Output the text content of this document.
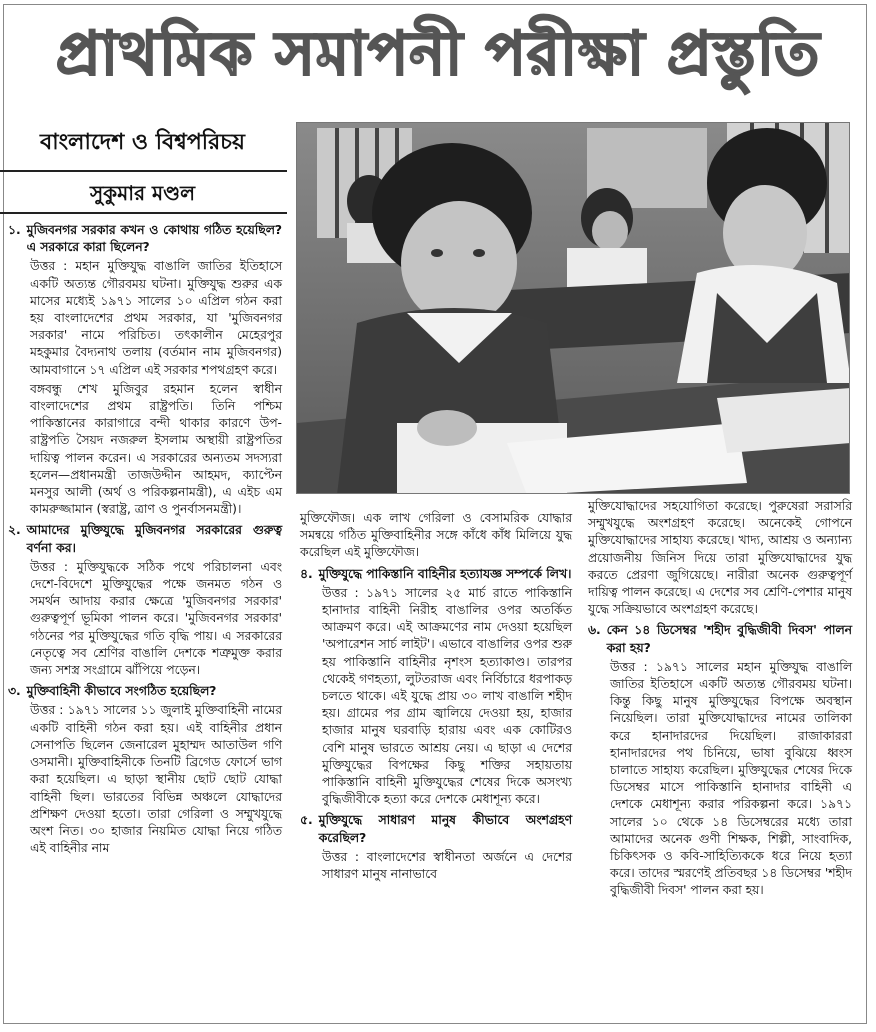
প্রাথমিক সমাপনী পরীক্ষা প্রস্তুতি
বাংলাদেশ ও বিশ্বপরিচয়
সুকুমার মণ্ডল
১. মুজিবনগর সরকার কখন ও কোথায় গঠিত হয়েছিল? এ সরকারে কারা ছিলেন?
উত্তর : মহান মুক্তিযুদ্ধ বাঙালি জাতির ইতিহাসে একটি অত্যন্ত গৌরবময় ঘটনা। মুক্তিযুদ্ধ শুরুর এক মাসের মধ্যেই ১৯৭১ সালের ১০ এপ্রিল গঠন করা হয় বাংলাদেশের প্রথম সরকার, যা 'মুজিবনগর সরকার' নামে পরিচিত। তৎকালীন মেহেরপুর মহকুমার বৈদ্যনাথ তলায় (বর্তমান নাম মুজিবনগর) আমবাগানে ১৭ এপ্রিল এই সরকার শপথগ্রহণ করে।
বঙ্গবন্ধু শেখ মুজিবুর রহমান হলেন স্বাধীন বাংলাদেশের প্রথম রাষ্ট্রপতি। তিনি পশ্চিম পাকিস্তানের কারাগারে বন্দী থাকার কারণে উপ-রাষ্ট্রপতি সৈয়দ নজরুল ইসলাম অস্থায়ী রাষ্ট্রপতির দায়িত্ব পালন করেন। এ সরকারের অন্যতম সদস্যরা হলেন—প্রধানমন্ত্রী তাজউদ্দীন আহমদ, ক্যাপ্টেন মনসুর আলী (অর্থ ও পরিকল্পনামন্ত্রী), এ এইচ এম কামরুজ্জামান (স্বরাষ্ট্র, ত্রাণ ও পুনর্বাসনমন্ত্রী)।
২. আমাদের মুক্তিযুদ্ধে মুজিবনগর সরকারের গুরুত্ব বর্ণনা কর।
উত্তর : মুক্তিযুদ্ধকে সঠিক পথে পরিচালনা এবং দেশে-বিদেশে মুক্তিযুদ্ধের পক্ষে জনমত গঠন ও সমর্থন আদায় করার ক্ষেত্রে 'মুজিবনগর সরকার' গুরুত্বপূর্ণ ভূমিকা পালন করে। 'মুজিবনগর সরকার' গঠনের পর মুক্তিযুদ্ধের গতি বৃদ্ধি পায়। এ সরকারের নেতৃত্বে সব শ্রেণির বাঙালি দেশকে শত্রুমুক্ত করার জন্য সশস্ত্র সংগ্রামে ঝাঁপিয়ে পড়েন।
৩. মুক্তিবাহিনী কীভাবে সংগঠিত হয়েছিল?
উত্তর : ১৯৭১ সালের ১১ জুলাই মুক্তিবাহিনী নামের একটি বাহিনী গঠন করা হয়। এই বাহিনীর প্রধান সেনাপতি ছিলেন জেনারেল মুহাম্মদ আতাউল গণি ওসমানী। মুক্তিবাহিনীকে তিনটি ব্রিগেড ফোর্সে ভাগ করা হয়েছিল। এ ছাড়া স্থানীয় ছোট ছোট যোদ্ধা বাহিনী ছিল। ভারতের বিভিন্ন অঞ্চলে যোদ্ধাদের প্রশিক্ষণ দেওয়া হতো। তারা গেরিলা ও সম্মুখযুদ্ধে অংশ নিত। ৩০ হাজার নিয়মিত যোদ্ধা নিয়ে গঠিত এই বাহিনীর নাম
মুক্তিফৌজ। এক লাখ গেরিলা ও বেসামরিক যোদ্ধার সমন্বয়ে গঠিত মুক্তিবাহিনীর সঙ্গে কাঁধে কাঁধ মিলিয়ে যুদ্ধ করেছিল এই মুক্তিফৌজ।
৪. মুক্তিযুদ্ধে পাকিস্তানি বাহিনীর হত্যাযজ্ঞ সম্পর্কে লিখ।
উত্তর : ১৯৭১ সালের ২৫ মার্চ রাতে পাকিস্তানি হানাদার বাহিনী নিরীহ বাঙালির ওপর অতর্কিত আক্রমণ করে। এই আক্রমণের নাম দেওয়া হয়েছিল 'অপারেশন সার্চ লাইট'। এভাবে বাঙালির ওপর শুরু হয় পাকিস্তানি বাহিনীর নৃশংস হত্যাকাণ্ড। তারপর থেকেই গণহত্যা, লুটতরাজ এবং নির্বিচারে ধরপাকড় চলতে থাকে। এই যুদ্ধে প্রায় ৩০ লাখ বাঙালি শহীদ হয়। গ্রামের পর গ্রাম জ্বালিয়ে দেওয়া হয়, হাজার হাজার মানুষ ঘরবাড়ি হারায় এবং এক কোটিরও বেশি মানুষ ভারতে আশ্রয় নেয়। এ ছাড়া এ দেশের মুক্তিযুদ্ধের বিপক্ষের কিছু শক্তির সহায়তায় পাকিস্তানি বাহিনী মুক্তিযুদ্ধের শেষের দিকে অসংখ্য বুদ্ধিজীবীকে হত্যা করে দেশকে মেধাশূন্য করে।
৫. মুক্তিযুদ্ধে সাধারণ মানুষ কীভাবে অংশগ্রহণ করেছিল?
উত্তর : বাংলাদেশের স্বাধীনতা অর্জনে এ দেশের সাধারণ মানুষ নানাভাবে
মুক্তিযোদ্ধাদের সহযোগিতা করেছে। পুরুষেরা সরাসরি সম্মুখযুদ্ধে অংশগ্রহণ করেছে। অনেকেই গোপনে মুক্তিযোদ্ধাদের সাহায্য করেছে। খাদ্য, আশ্রয় ও অন্যান্য প্রয়োজনীয় জিনিস দিয়ে তারা মুক্তিযোদ্ধাদের যুদ্ধ করতে প্রেরণা জুগিয়েছে। নারীরা অনেক গুরুত্বপূর্ণ দায়িত্ব পালন করেছে। এ দেশের সব শ্রেণি-পেশার মানুষ যুদ্ধে সক্রিয়ভাবে অংশগ্রহণ করেছে।
৬. কেন ১৪ ডিসেম্বর 'শহীদ বুদ্ধিজীবী দিবস' পালন করা হয়?
উত্তর : ১৯৭১ সালের মহান মুক্তিযুদ্ধ বাঙালি জাতির ইতিহাসে একটি অত্যন্ত গৌরবময় ঘটনা। কিন্তু কিছু মানুষ মুক্তিযুদ্ধের বিপক্ষে অবস্থান নিয়েছিল। তারা মুক্তিযোদ্ধাদের নামের তালিকা করে হানাদারদের দিয়েছিল। রাজাকাররা হানাদারদের পথ চিনিয়ে, ভাষা বুঝিয়ে ধ্বংস চালাতে সাহায্য করেছিল। মুক্তিযুদ্ধের শেষের দিকে ডিসেম্বর মাসে পাকিস্তানি হানাদার বাহিনী এ দেশকে মেধাশূন্য করার পরিকল্পনা করে। ১৯৭১ সালের ১০ থেকে ১৪ ডিসেম্বরের মধ্যে তারা আমাদের অনেক গুণী শিক্ষক, শিল্পী, সাংবাদিক, চিকিৎসক ও কবি-সাহিত্যিককে ধরে নিয়ে হত্যা করে। তাদের স্মরণেই প্রতিবছর ১৪ ডিসেম্বর 'শহীদ বুদ্ধিজীবী দিবস' পালন করা হয়।
